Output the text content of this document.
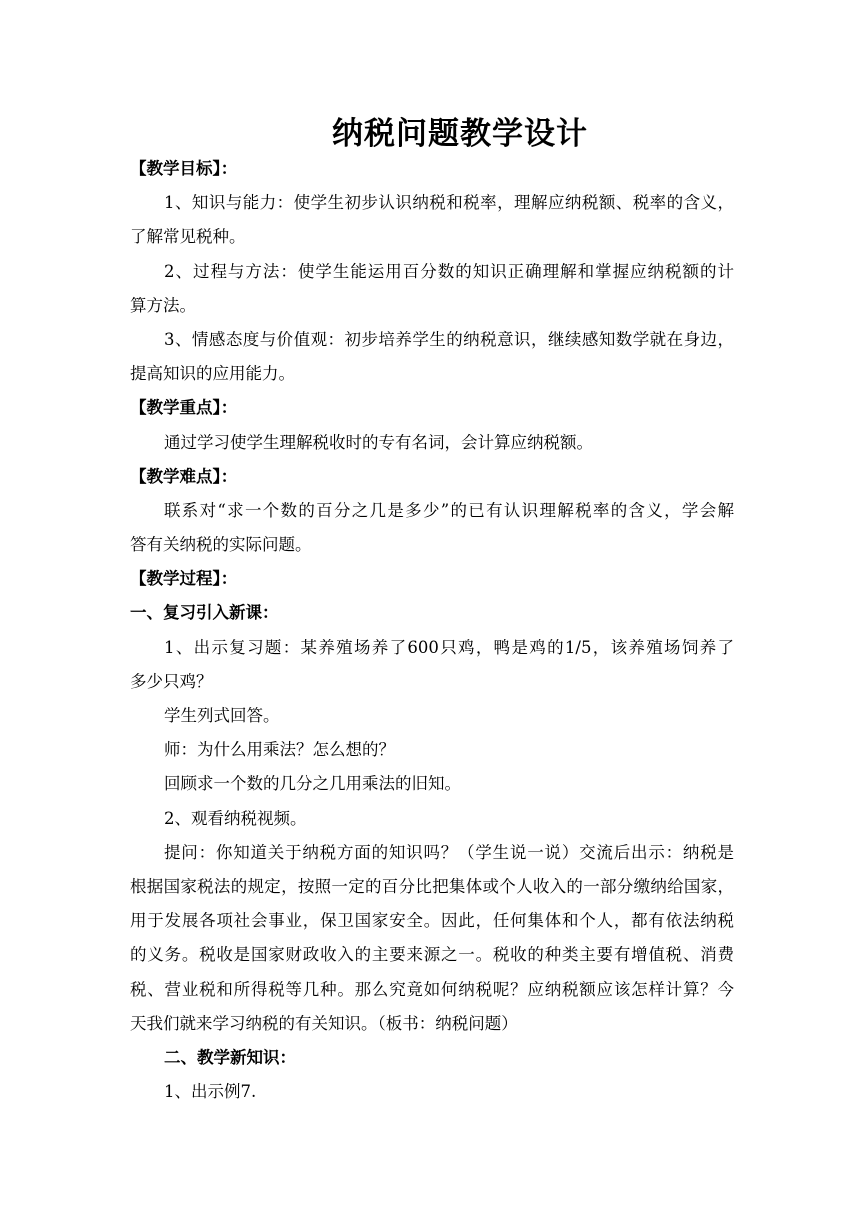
纳税问题教学设计
【教学目标】：
1、知识与能力：使学生初步认识纳税和税率，理解应纳税额、税率的含义，
了解常见税种。
2、过程与方法：使学生能运用百分数的知识正确理解和掌握应纳税额的计
算方法。
3、情感态度与价值观：初步培养学生的纳税意识，继续感知数学就在身边，
提高知识的应用能力。
【教学重点】：
通过学习使学生理解税收时的专有名词，会计算应纳税额。
【教学难点】：
联系对“求一个数的百分之几是多少”的已有认识理解税率的含义，学会解
答有关纳税的实际问题。
【教学过程】：
一、复习引入新课：
1、出示复习题：某养殖场养了600只鸡，鸭是鸡的1/5，该养殖场饲养了
多少只鸡？
学生列式回答。
师：为什么用乘法？怎么想的？
回顾求一个数的几分之几用乘法的旧知。
2、观看纳税视频。
提问：你知道关于纳税方面的知识吗？（学生说一说）交流后出示：纳税是
根据国家税法的规定，按照一定的百分比把集体或个人收入的一部分缴纳给国家，
用于发展各项社会事业，保卫国家安全。因此，任何集体和个人，都有依法纳税
的义务。税收是国家财政收入的主要来源之一。税收的种类主要有增值税、消费
税、营业税和所得税等几种。那么究竟如何纳税呢？应纳税额应该怎样计算？今
天我们就来学习纳税的有关知识。（板书：纳税问题）
二、教学新知识：
1、出示例7.
